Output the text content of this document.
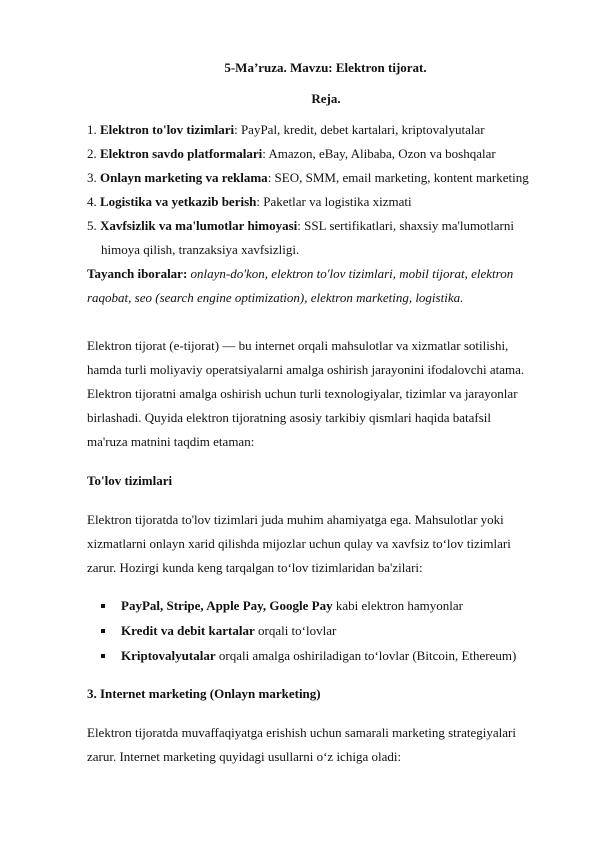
5-Ma’ruza. Mavzu: Elektron tijorat.
Reja.
1. Elektron to'lov tizimlari: PayPal, kredit, debet kartalari, kriptovalyutalar
2. Elektron savdo platformalari: Amazon, eBay, Alibaba, Ozon va boshqalar
3. Onlayn marketing va reklama: SEO, SMM, email marketing, kontent marketing
4. Logistika va yetkazib berish: Paketlar va logistika xizmati
5. Xavfsizlik va ma'lumotlar himoyasi: SSL sertifikatlari, shaxsiy ma'lumotlarni
himoya qilish, tranzaksiya xavfsizligi.
Tayanch iboralar: onlayn-do'kon, elektron to'lov tizimlari, mobil tijorat, elektron
raqobat, seo (search engine optimization), elektron marketing, logistika.
Elektron tijorat (e-tijorat) — bu internet orqali mahsulotlar va xizmatlar sotilishi,
hamda turli moliyaviy operatsiyalarni amalga oshirish jarayonini ifodalovchi atama.
Elektron tijoratni amalga oshirish uchun turli texnologiyalar, tizimlar va jarayonlar
birlashadi. Quyida elektron tijoratning asosiy tarkibiy qismlari haqida batafsil
ma'ruza matnini taqdim etaman:
To'lov tizimlari
Elektron tijoratda to'lov tizimlari juda muhim ahamiyatga ega. Mahsulotlar yoki
xizmatlarni onlayn xarid qilishda mijozlar uchun qulay va xavfsiz to‘lov tizimlari
zarur. Hozirgi kunda keng tarqalgan to‘lov tizimlaridan ba'zilari:
PayPal, Stripe, Apple Pay, Google Pay kabi elektron hamyonlar
Kredit va debit kartalar orqali to‘lovlar
Kriptovalyutalar orqali amalga oshiriladigan to‘lovlar (Bitcoin, Ethereum)
3. Internet marketing (Onlayn marketing)
Elektron tijoratda muvaffaqiyatga erishish uchun samarali marketing strategiyalari
zarur. Internet marketing quyidagi usullarni o‘z ichiga oladi:
